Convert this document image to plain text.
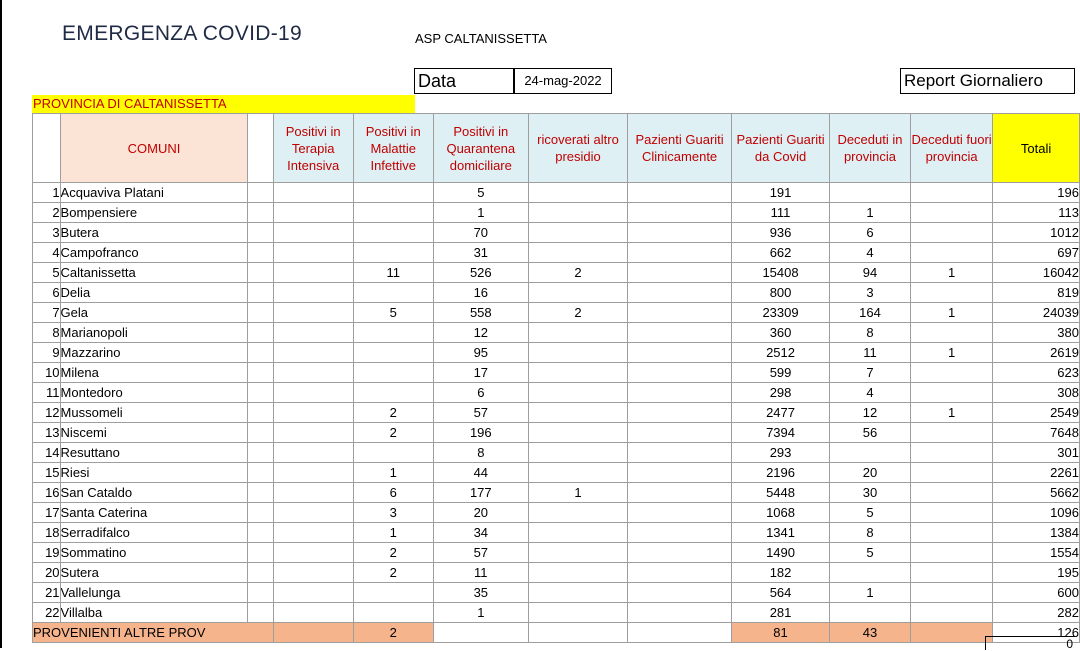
EMERGENZA COVID-19	ASP CALTANISSETTA
Data	24-mag-2022	Report Giornaliero
PROVINCIA DI CALTANISSETTA
	COMUNI		Positivi in Terapia Intensiva	Positivi in Malattie Infettive	Positivi in Quarantena domiciliare	ricoverati altro presidio	Pazienti Guariti Clinicamente	Pazienti Guariti da Covid	Deceduti in provincia	Deceduti fuori provincia	Totali
1	Acquaviva Platani				5			191			196
2	Bompensiere				1			111	1		113
3	Butera				70			936	6		1012
4	Campofranco				31			662	4		697
5	Caltanissetta			11	526	2		15408	94	1	16042
6	Delia				16			800	3		819
7	Gela			5	558	2		23309	164	1	24039
8	Marianopoli				12			360	8		380
9	Mazzarino				95			2512	11	1	2619
10	Milena				17			599	7		623
11	Montedoro				6			298	4		308
12	Mussomeli			2	57			2477	12	1	2549
13	Niscemi			2	196			7394	56		7648
14	Resuttano				8			293			301
15	Riesi			1	44			2196	20		2261
16	San Cataldo			6	177	1		5448	30		5662
17	Santa Caterina			3	20			1068	5		1096
18	Serradifalco			1	34			1341	8		1384
19	Sommatino			2	57			1490	5		1554
20	Sutera			2	11			182			195
21	Vallelunga				35			564	1		600
22	Villalba				1			281			282
PROVENIENTI ALTRE PROV				2				81	43		126
0
